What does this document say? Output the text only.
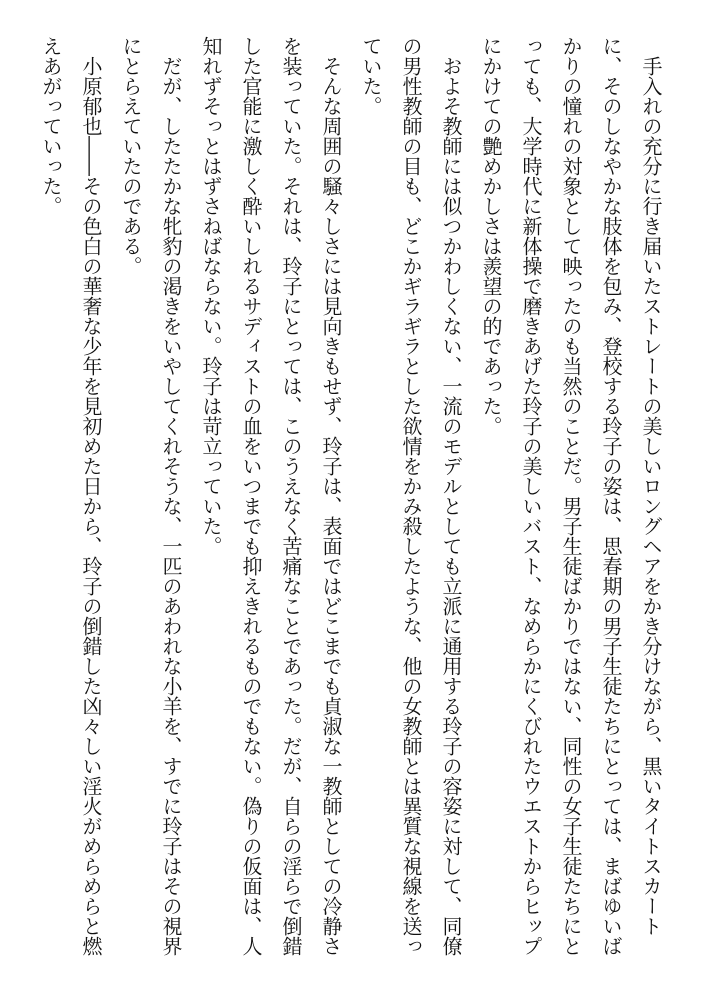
　手入れの充分に行き届いたストレートの美しいロングヘアをかき分けながら、黒いタイトスカートに、そのしなやかな肢体を包み、登校する玲子の姿は、思春期の男子生徒たちにとっては、まばゆいばかりの憧れの対象として映ったのも当然のことだ。男子生徒ばかりではない、同性の女子生徒たちにとっても、大学時代に新体操で磨きあげた玲子の美しいバスト、なめらかにくびれたウエストからヒップにかけての艶めかしさは羨望の的であった。

　およそ教師には似つかわしくない、一流のモデルとしても立派に通用する玲子の容姿に対して、同僚の男性教師の目も、どこかギラギラとした欲情をかみ殺したような、他の女教師とは異質な視線を送っていた。

　そんな周囲の騒々しさには見向きもせず、玲子は、表面ではどこまでも貞淑な一教師としての冷静さを装っていた。それは、玲子にとっては、このうえなく苦痛なことであった。だが、自らの淫らで倒錯した官能に激しく酔いしれるサディストの血をいつまでも抑えきれるものでもない。偽りの仮面は、人知れずそっとはずさねばならない。玲子は苛立っていた。

　だが、したたかな牝豹の渇きをいやしてくれそうな、一匹のあわれな小羊を、すでに玲子はその視界にとらえていたのである。

　小原郁也――その色白の華奢な少年を見初めた日から、玲子の倒錯した凶々しい淫火がめらめらと燃えあがっていった。
